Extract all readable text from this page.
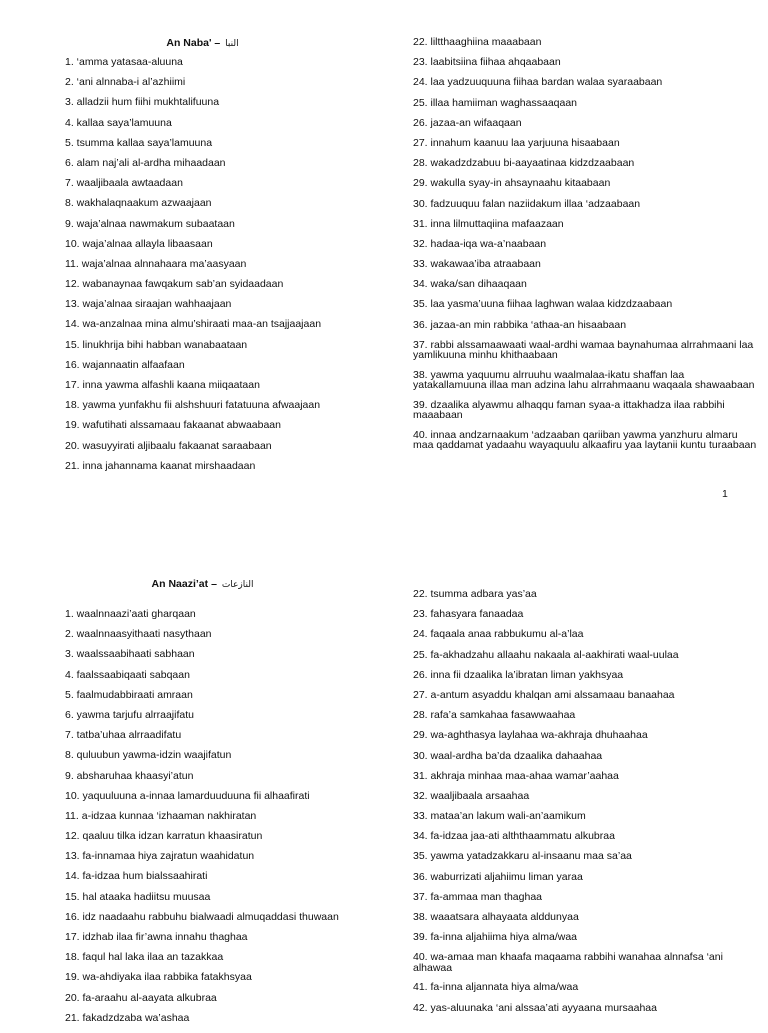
An Naba' – النبا

1. ‘amma yatasaa-aluuna

2. ‘ani alnnaba-i al’azhiimi

3. alladzii hum fiihi mukhtalifuuna

4. kallaa saya’lamuuna

5. tsumma kallaa saya’lamuuna

6. alam naj’ali al-ardha mihaadaan

7. waaljibaala awtaadaan

8. wakhalaqnaakum azwaajaan

9. waja’alnaa nawmakum subaataan

10. waja’alnaa allayla libaasaan

11. waja’alnaa alnnahaara ma’aasyaan

12. wabanaynaa fawqakum sab’an syidaadaan

13. waja’alnaa siraajan wahhaajaan

14. wa-anzalnaa mina almu’shiraati maa-an tsajjaajaan

15. linukhrija bihi habban wanabaataan

16. wajannaatin alfaafaan

17. inna yawma alfashli kaana miiqaataan

18. yawma yunfakhu fii alshshuuri fatatuuna afwaajaan

19. wafutihati alssamaau fakaanat abwaabaan

20. wasuyyirati aljibaalu fakaanat saraabaan

21. inna jahannama kaanat mirshaadaan

22. liltthaaghiina maaabaan

23. laabitsiina fiihaa ahqaabaan

24. laa yadzuuquuna fiihaa bardan walaa syaraabaan

25. illaa hamiiman waghassaaqaan

26. jazaa-an wifaaqaan

27. innahum kaanuu laa yarjuuna hisaabaan

28. wakadzdzabuu bi-aayaatinaa kidzdzaabaan

29. wakulla syay-in ahsaynaahu kitaabaan

30. fadzuuquu falan naziidakum illaa ‘adzaabaan

31. inna lilmuttaqiina mafaazaan

32. hadaa-iqa wa-a’naabaan

33. wakawaa’iba atraabaan

34. waka/san dihaaqaan

35. laa yasma’uuna fiihaa laghwan walaa kidzdzaabaan

36. jazaa-an min rabbika ‘athaa-an hisaabaan

37. rabbi alssamaawaati waal-ardhi wamaa baynahumaa alrrahmaani laa yamlikuuna minhu khithaabaan

38. yawma yaquumu alrruuhu waalmalaa-ikatu shaffan laa yatakallamuuna illaa man adzina lahu alrrahmaanu waqaala shawaabaan

39. dzaalika alyawmu alhaqqu faman syaa-a ittakhadza ilaa rabbihi maaabaan

40. innaa andzarnaakum ‘adzaaban qariiban yawma yanzhuru almaru maa qaddamat yadaahu wayaquulu alkaafiru yaa laytanii kuntu turaabaan

1
An Naazi’at – النازعات

1. waalnnaazi’aati gharqaan

2. waalnnaasyithaati nasythaan

3. waalssaabihaati sabhaan

4. faalssaabiqaati sabqaan

5. faalmudabbiraati amraan

6. yawma tarjufu alrraajifatu

7. tatba’uhaa alrraadifatu

8. quluubun yawma-idzin waajifatun

9. absharuhaa khaasyi’atun

10. yaquuluuna a-innaa lamarduuduuna fii alhaafirati

11. a-idzaa kunnaa ‘izhaaman nakhiratan

12. qaaluu tilka idzan karratun khaasiratun

13. fa-innamaa hiya zajratun waahidatun

14. fa-idzaa hum bialssaahirati

15. hal ataaka hadiitsu muusaa

16. idz naadaahu rabbuhu bialwaadi almuqaddasi thuwaan

17. idzhab ilaa fir’awna innahu thaghaa

18. faqul hal laka ilaa an tazakkaa

19. wa-ahdiyaka ilaa rabbika fatakhsyaa

20. fa-araahu al-aayata alkubraa

21. fakadzdzaba wa’ashaa

22. tsumma adbara yas’aa

23. fahasyara fanaadaa

24. faqaala anaa rabbukumu al-a’laa

25. fa-akhadzahu allaahu nakaala al-aakhirati waal-uulaa

26. inna fii dzaalika la’ibratan liman yakhsyaa

27. a-antum asyaddu khalqan ami alssamaau banaahaa

28. rafa’a samkahaa fasawwaahaa

29. wa-aghthasya laylahaa wa-akhraja dhuhaahaa

30. waal-ardha ba’da dzaalika dahaahaa

31. akhraja minhaa maa-ahaa wamar’aahaa

32. waaljibaala arsaahaa

33. mataa’an lakum wali-an’aamikum

34. fa-idzaa jaa-ati alththaammatu alkubraa

35. yawma yatadzakkaru al-insaanu maa sa’aa

36. waburrizati aljahiimu liman yaraa

37. fa-ammaa man thaghaa

38. waaatsara alhayaata alddunyaa

39. fa-inna aljahiima hiya alma/waa

40. wa-amaa man khaafa maqaama rabbihi wanahaa alnnafsa ‘ani alhawaa

41. fa-inna aljannata hiya alma/waa

42. yas-aluunaka ‘ani alssaa’ati ayyaana mursaahaa
